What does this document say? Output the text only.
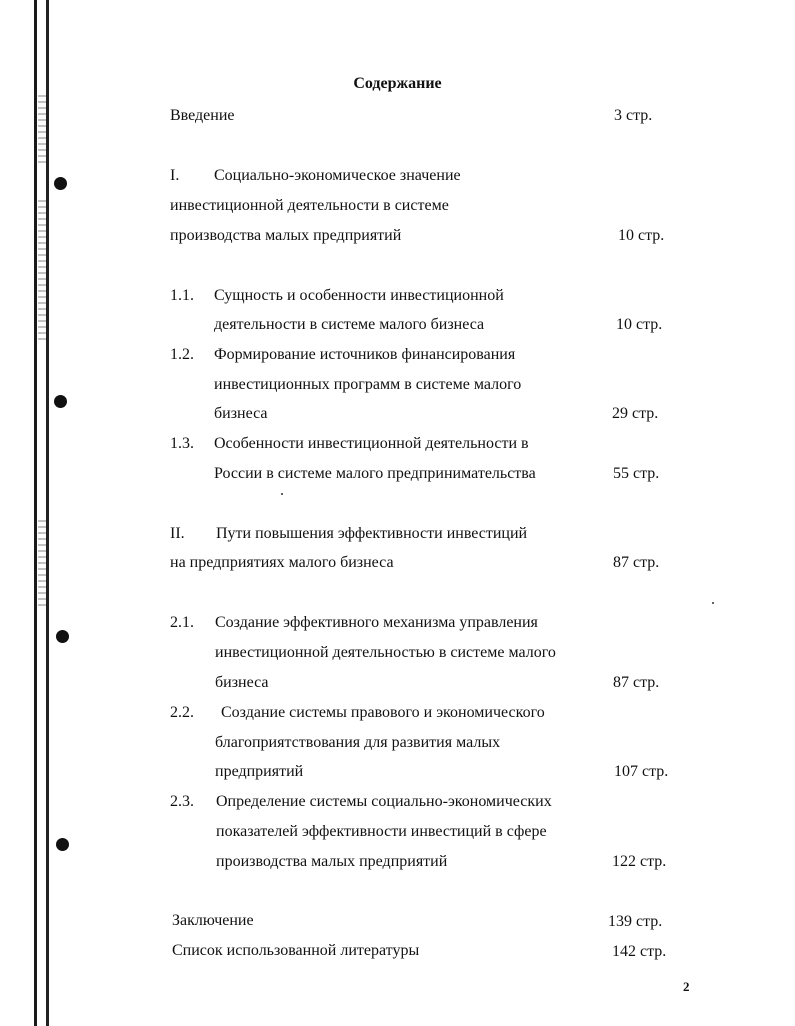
Содержание
Введение	3 стр.
I. Социально-экономическое значение
инвестиционной деятельности в системе
производства малых предприятий	10 стр.
1.1. Сущность и особенности инвестиционной
деятельности в системе малого бизнеса	10 стр.
1.2. Формирование источников финансирования
инвестиционных программ в системе малого
бизнеса	29 стр.
1.3. Особенности инвестиционной деятельности в
России в системе малого предпринимательства	55 стр.
II. Пути повышения эффективности инвестиций
на предприятиях малого бизнеса	87 стр.
2.1. Создание эффективного механизма управления
инвестиционной деятельностью в системе малого
бизнеса	87 стр.
2.2. Создание системы правового и экономического
благоприятствования для развития малых
предприятий	107 стр.
2.3. Определение системы социально-экономических
показателей эффективности инвестиций в сфере
производства малых предприятий	122 стр.
Заключение	139 стр.
Список использованной литературы	142 стр.
2
